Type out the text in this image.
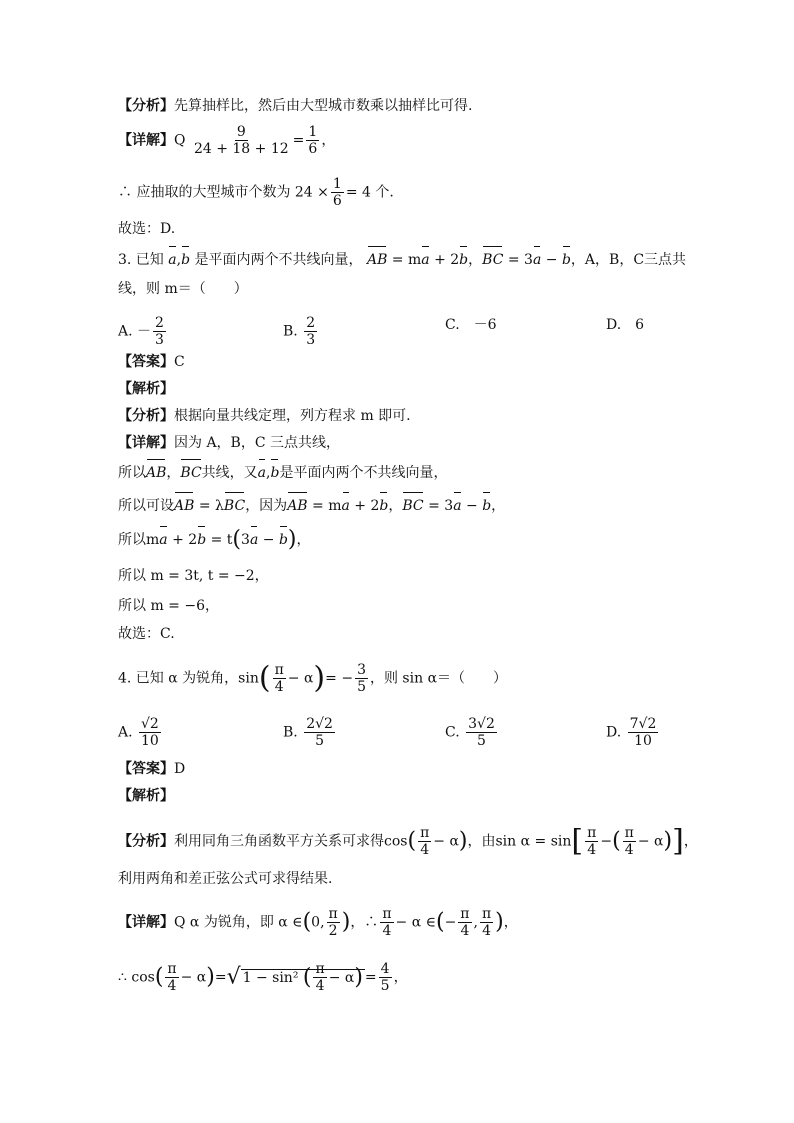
【分析】先算抽样比，然后由大型城市数乘以抽样比可得.
【详解】Q $\frac{9}{24 + 18 + 12} = \frac{1}{6}$ ，
∴ 应抽取的大型城市个数为 $24 \times \frac{1}{6} = 4$ 个.
故选：D.
3. 已知 a,b 是平面内两个不共线向量， AB = ma + 2b，BC = 3a − b，A，B，C三点共
线，则 m＝（　　）
A. － $\frac{2}{3}$	B. $\frac{2}{3}$	C.　－6	D.　6
【答案】C
【解析】
【分析】根据向量共线定理，列方程求 m 即可.
【详解】因为 A，B，C 三点共线，
所以AB，BC共线，又a,b是平面内两个不共线向量，
所以可设AB = λBC，因为AB = ma + 2b，BC = 3a − b，
所以ma + 2b = t(3a − b)，
所以 m = 3t, t = −2，
所以 m = −6，
故选：C.
4. 已知 α 为锐角，$\sin( \frac{\pi}{4} - \alpha)= - \frac{3}{5}$ ，则 sin α＝（　　）
A. $\frac{√2}{10}$	B. $\frac{2√2}{5}$	C. $\frac{3√2}{5}$	D. $\frac{7√2}{10}$
【答案】D
【解析】
【分析】利用同角三角函数平方关系可求得$\cos( \frac{\pi}{4} - \alpha)$，由$\sin \alpha = \sin[ \frac{\pi}{4}$ −( $\frac{\pi}{4} - \alpha$)]，
利用两角和差正弦公式可求得结果.
【详解】Q α 为锐角，即 α ∈(0, $\frac{\pi}{2}$ )，∴ $\frac{\pi}{4} - \alpha$ ∈(− $\frac{\pi}{4}$ , $\frac{\pi}{4}$ )，
∴ $\cos( \frac{\pi}{4} - \alpha)=√$ 1 − sin² ( $\frac{\pi}{4} - \alpha) = \frac{4}{5}$ ，
